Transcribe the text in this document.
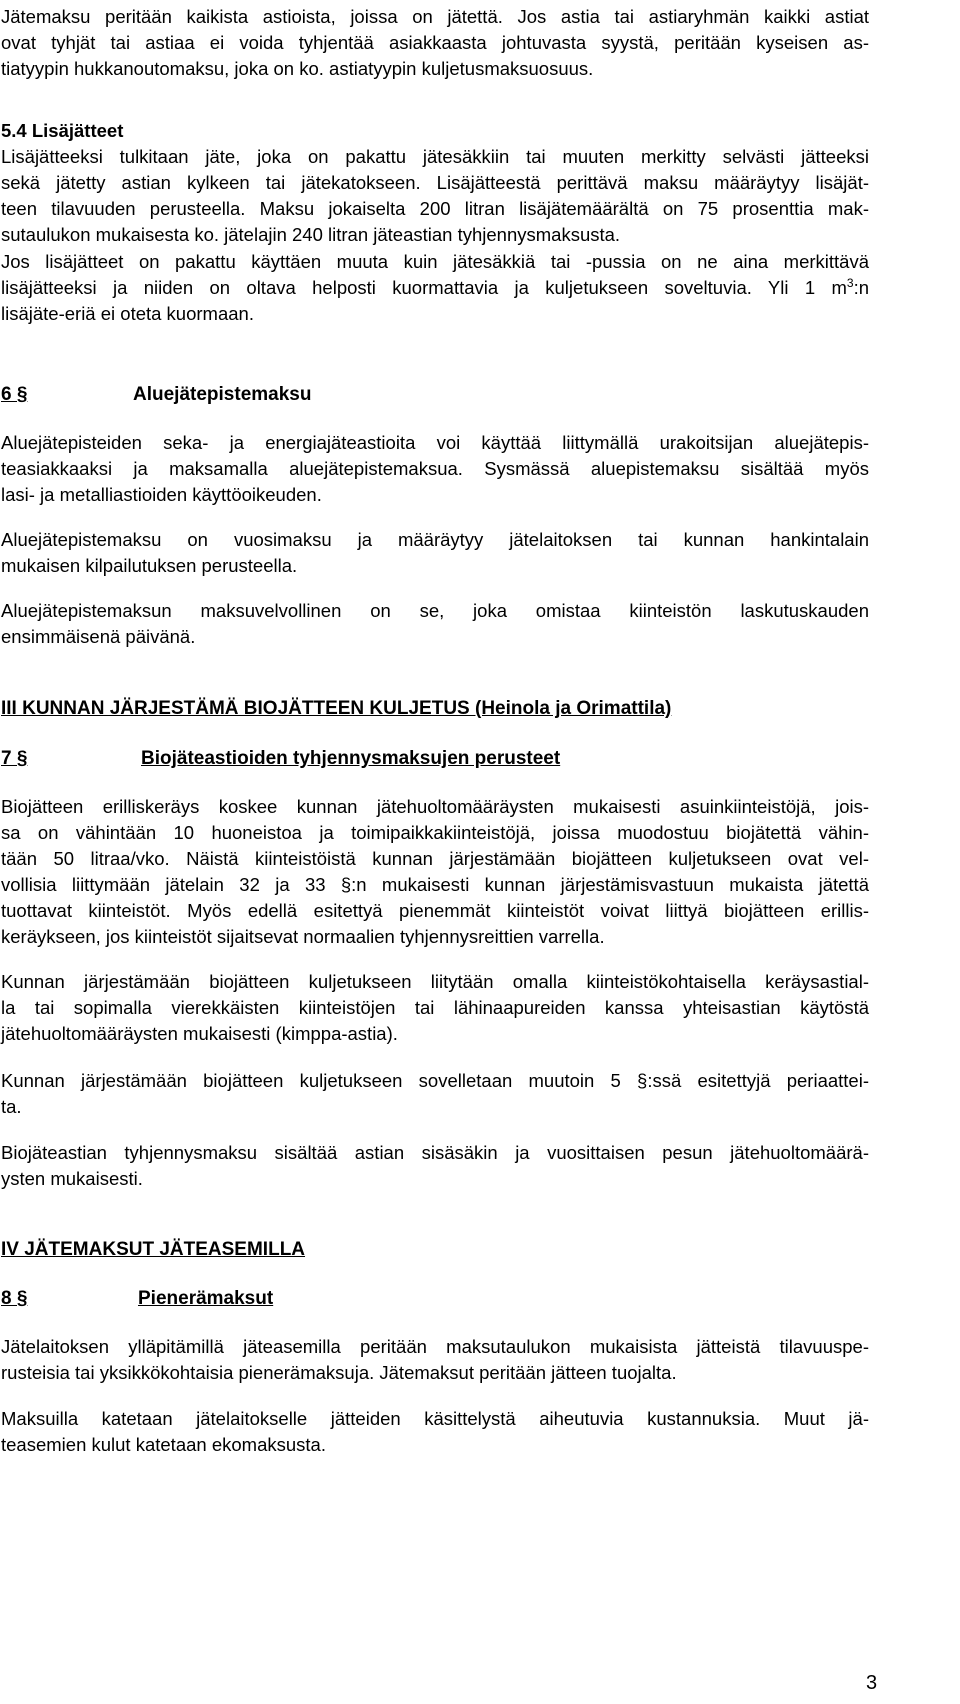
Jätemaksu peritään kaikista astioista, joissa on jätettä. Jos astia tai astiaryhmän kaikki astiat
ovat tyhjät tai astiaa ei voida tyhjentää asiakkaasta johtuvasta syystä, peritään kyseisen as-
tiatyypin hukkanoutomaksu, joka on ko. astiatyypin kuljetusmaksuosuus.
5.4 Lisäjätteet
Lisäjätteeksi tulkitaan jäte, joka on pakattu jätesäkkiin tai muuten merkitty selvästi jätteeksi
sekä jätetty astian kylkeen tai jätekatokseen. Lisäjätteestä perittävä maksu määräytyy lisäjät-
teen tilavuuden perusteella. Maksu jokaiselta 200 litran lisäjätemäärältä on 75 prosenttia mak-
sutaulukon mukaisesta ko. jätelajin 240 litran jäteastian tyhjennysmaksusta.
Jos lisäjätteet on pakattu käyttäen muuta kuin jätesäkkiä tai -pussia on ne aina merkittävä
lisäjätteeksi ja niiden on oltava helposti kuormattavia ja kuljetukseen soveltuvia. Yli 1 $m^3:n$
lisäjäte-eriä ei oteta kuormaan.
6 §	Aluejätepistemaksu
Aluejätepisteiden seka- ja energiajäteastioita voi käyttää liittymällä urakoitsijan aluejätepis-
teasiakkaaksi ja maksamalla aluejätepistemaksua. Sysmässä aluepistemaksu sisältää myös
lasi- ja metalliastioiden käyttöoikeuden.
Aluejätepistemaksu on vuosimaksu ja määräytyy jätelaitoksen tai kunnan hankintalain
mukaisen kilpailutuksen perusteella.
Aluejätepistemaksun maksuvelvollinen on se, joka omistaa kiinteistön laskutuskauden
ensimmäisenä päivänä.
III KUNNAN JÄRJESTÄMÄ BIOJÄTTEEN KULJETUS (Heinola ja Orimattila)
7 §	Biojäteastioiden tyhjennysmaksujen perusteet
Biojätteen erilliskeräys koskee kunnan jätehuoltomääräysten mukaisesti asuinkiinteistöjä, jois-
sa on vähintään 10 huoneistoa ja toimipaikkakiinteistöjä, joissa muodostuu biojätettä vähin-
tään 50 litraa/vko. Näistä kiinteistöistä kunnan järjestämään biojätteen kuljetukseen ovat vel-
vollisia liittymään jätelain 32 ja 33 §:n mukaisesti kunnan järjestämisvastuun mukaista jätettä
tuottavat kiinteistöt. Myös edellä esitettyä pienemmät kiinteistöt voivat liittyä biojätteen erillis-
keräykseen, jos kiinteistöt sijaitsevat normaalien tyhjennysreittien varrella.
Kunnan järjestämään biojätteen kuljetukseen liitytään omalla kiinteistökohtaisella keräysastial-
la tai sopimalla vierekkäisten kiinteistöjen tai lähinaapureiden kanssa yhteisastian käytöstä
jätehuoltomääräysten mukaisesti (kimppa-astia).
Kunnan järjestämään biojätteen kuljetukseen sovelletaan muutoin 5 §:ssä esitettyjä periaattei-
ta.
Biojäteastian tyhjennysmaksu sisältää astian sisäsäkin ja vuosittaisen pesun jätehuoltomäärä-
ysten mukaisesti.
IV JÄTEMAKSUT JÄTEASEMILLA
8 §	Pienerämaksut
Jätelaitoksen ylläpitämillä jäteasemilla peritään maksutaulukon mukaisista jätteistä tilavuuspe-
rusteisia tai yksikkökohtaisia pienerämaksuja. Jätemaksut peritään jätteen tuojalta.
Maksuilla katetaan jätelaitokselle jätteiden käsittelystä aiheutuvia kustannuksia. Muut jä-
teasemien kulut katetaan ekomaksusta.
3
